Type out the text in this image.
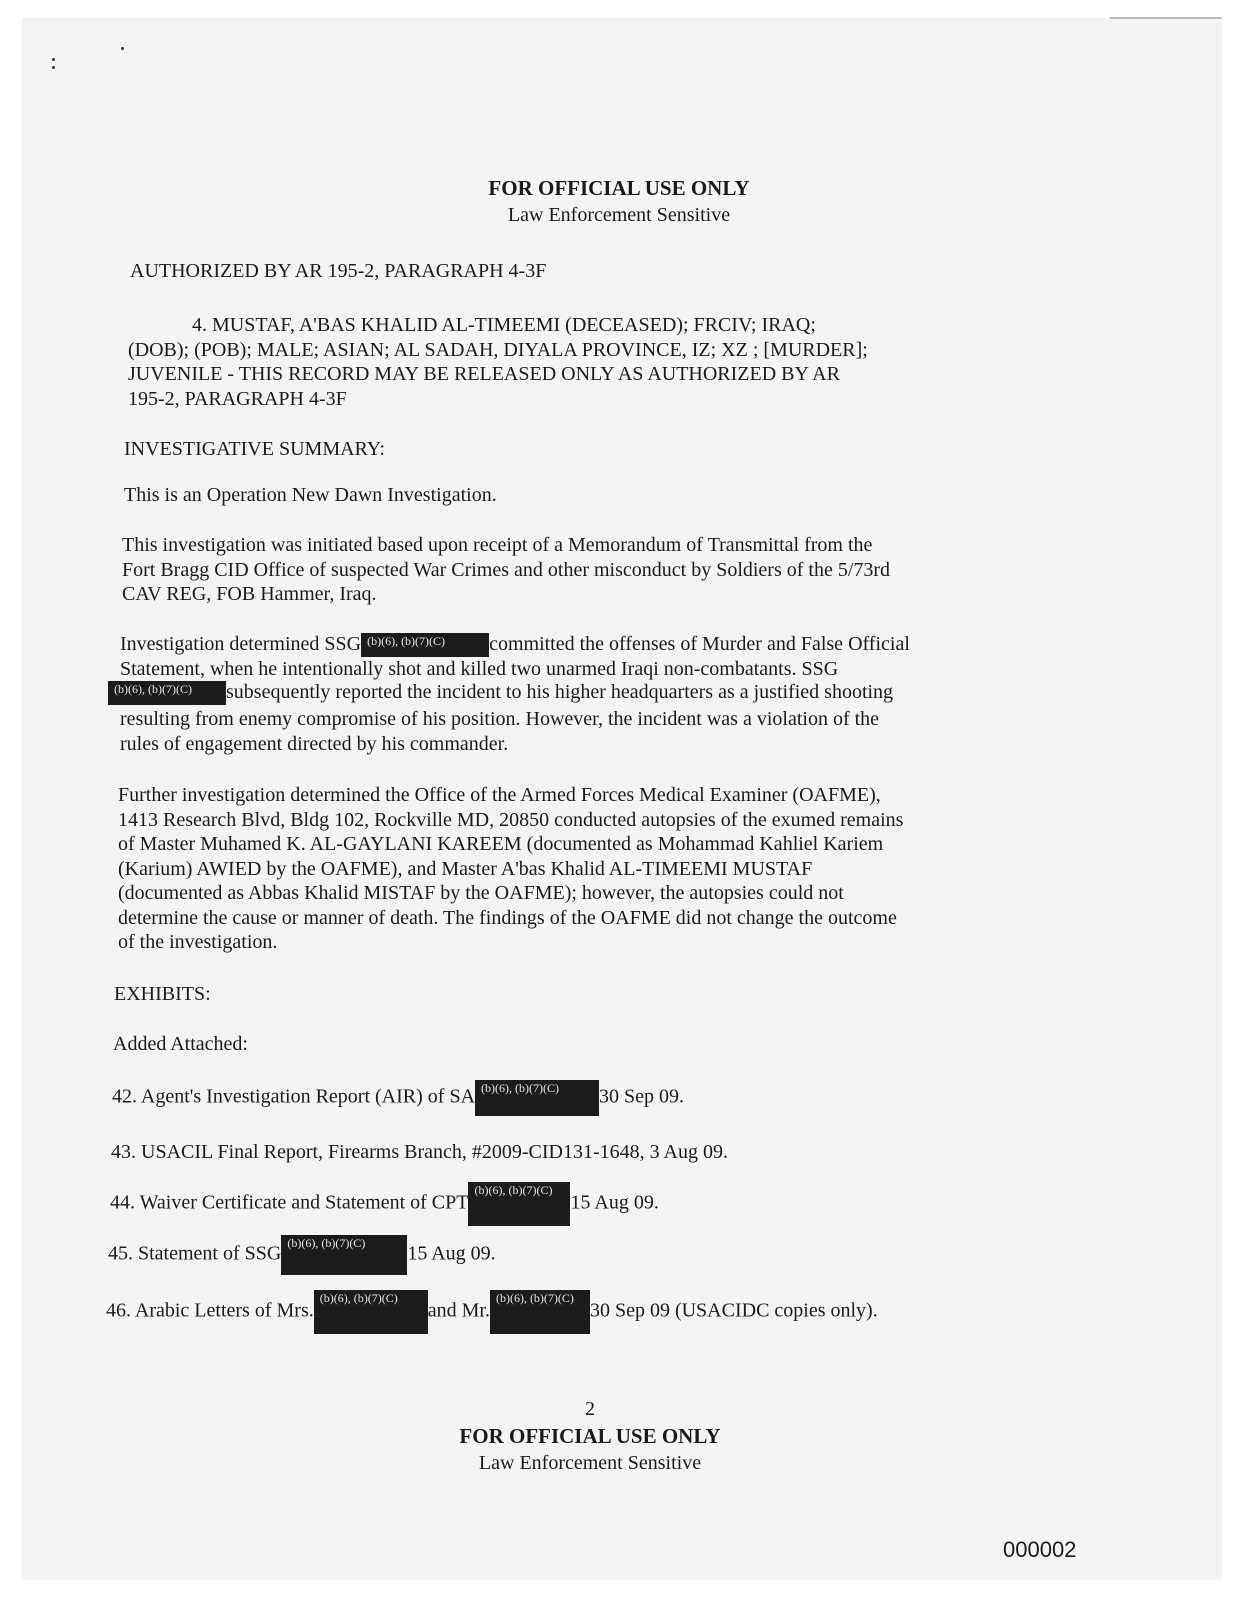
FOR OFFICIAL USE ONLY
Law Enforcement Sensitive
AUTHORIZED BY AR 195-2, PARAGRAPH 4-3F
4. MUSTAF, A'BAS KHALID AL-TIMEEMI (DECEASED); FRCIV; IRAQ;
(DOB); (POB); MALE; ASIAN; AL SADAH, DIYALA PROVINCE, IZ; XZ ; [MURDER];
JUVENILE - THIS RECORD MAY BE RELEASED ONLY AS AUTHORIZED BY AR
195-2, PARAGRAPH 4-3F
INVESTIGATIVE SUMMARY:
This is an Operation New Dawn Investigation.
This investigation was initiated based upon receipt of a Memorandum of Transmittal from the
Fort Bragg CID Office of suspected War Crimes and other misconduct by Soldiers of the 5/73rd
CAV REG, FOB Hammer, Iraq.
Investigation determined SSG (b)(6), (b)(7)(C) committed the offenses of Murder and False Official
Statement, when he intentionally shot and killed two unarmed Iraqi non-combatants. SSG
(b)(6), (b)(7)(C) subsequently reported the incident to his higher headquarters as a justified shooting
resulting from enemy compromise of his position. However, the incident was a violation of the
rules of engagement directed by his commander.
Further investigation determined the Office of the Armed Forces Medical Examiner (OAFME),
1413 Research Blvd, Bldg 102, Rockville MD, 20850 conducted autopsies of the exumed remains
of Master Muhamed K. AL-GAYLANI KAREEM (documented as Mohammad Kahliel Kariem
(Karium) AWIED by the OAFME), and Master A'bas Khalid AL-TIMEEMI MUSTAF
(documented as Abbas Khalid MISTAF by the OAFME); however, the autopsies could not
determine the cause or manner of death. The findings of the OAFME did not change the outcome
of the investigation.
EXHIBITS:
Added Attached:
42. Agent's Investigation Report (AIR) of SA (b)(6), (b)(7)(C) 30 Sep 09.
43. USACIL Final Report, Firearms Branch, #2009-CID131-1648, 3 Aug 09.
44. Waiver Certificate and Statement of CPT
(b)(6), (b)(7)(C)
15 Aug 09.
45. Statement of SSG (b)(6), (b)(7)(C) 15 Aug 09.
46. Arabic Letters of Mrs.
(b)(6), (b)(7)(C)
and Mr.
(b)(6), (b)(7)(C)
30 Sep 09 (USACIDC copies only).
2
FOR OFFICIAL USE ONLY
Law Enforcement Sensitive
000002
